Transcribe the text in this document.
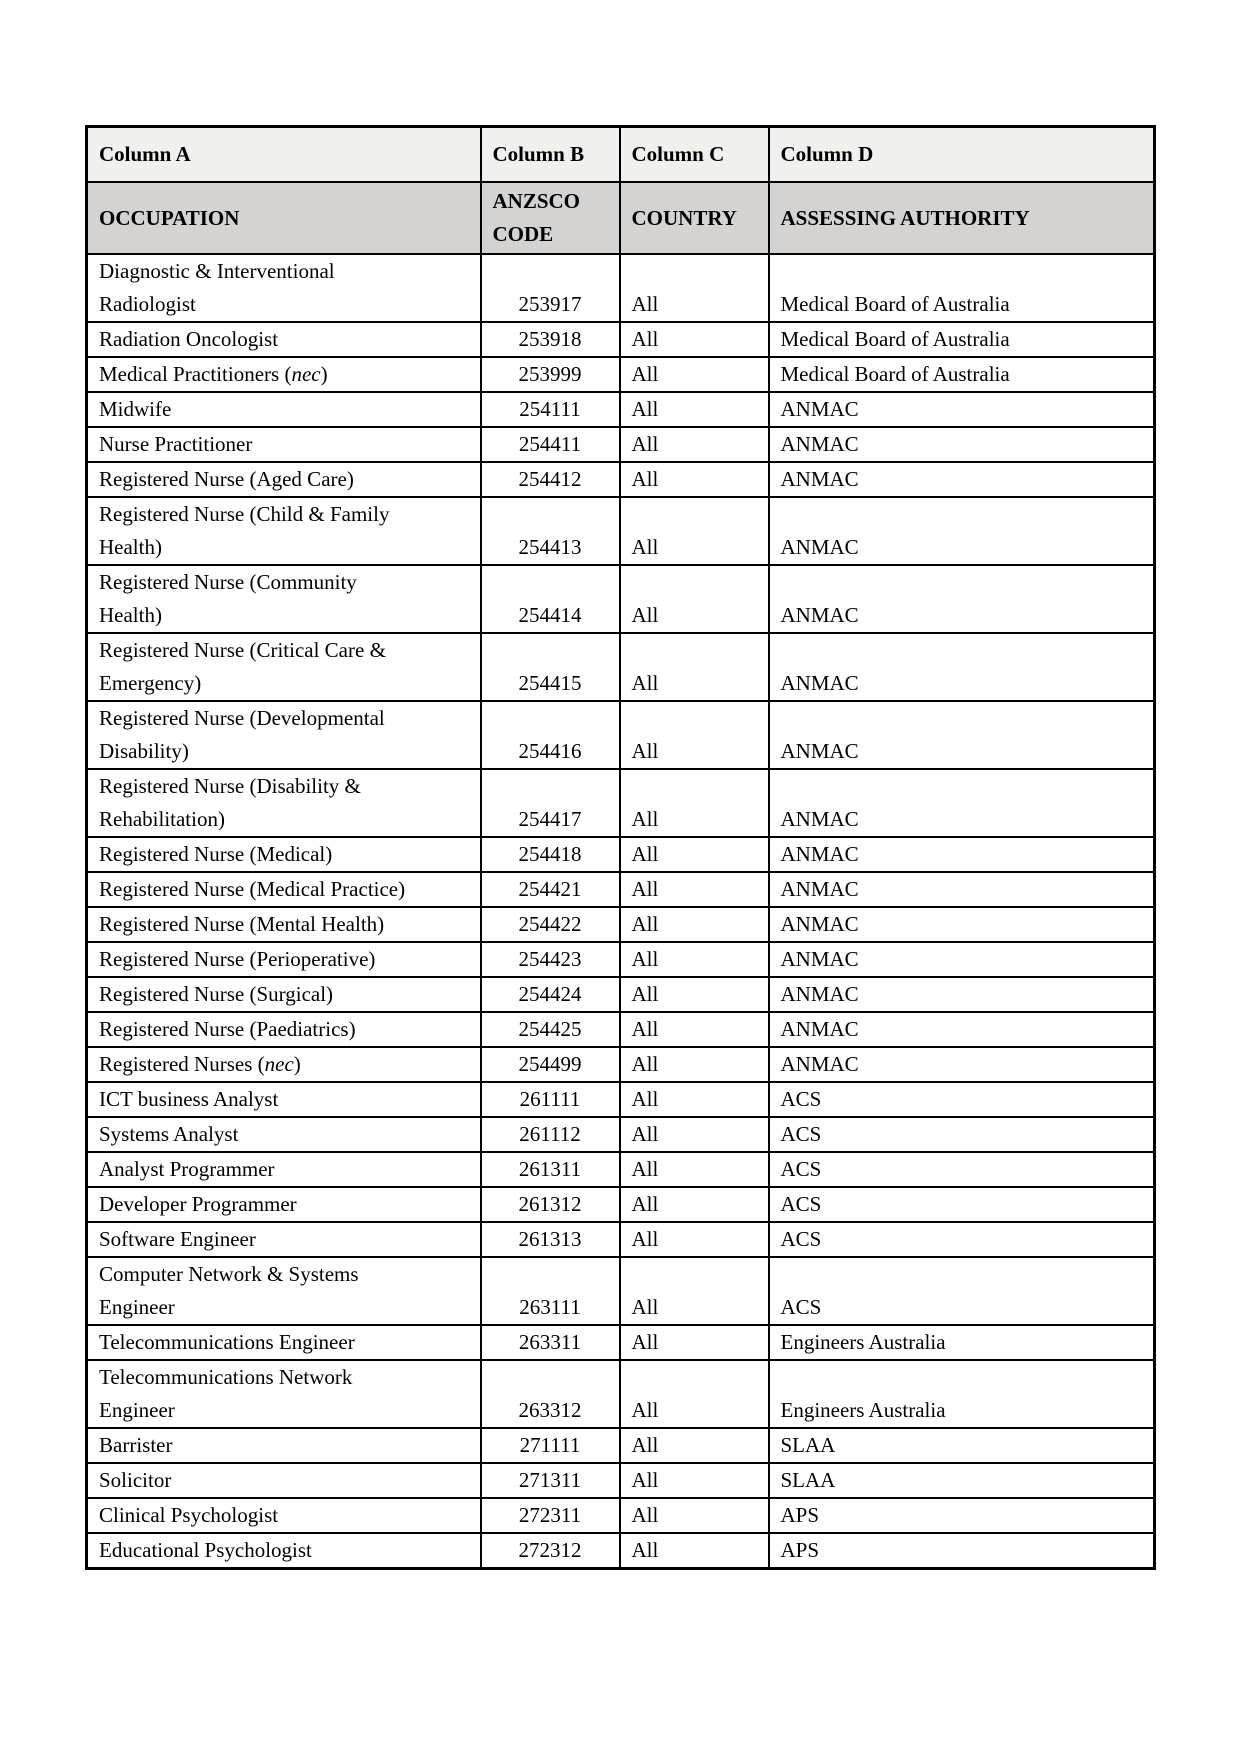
Column A	Column B	Column C	Column D
OCCUPATION	ANZSCO CODE	COUNTRY	ASSESSING AUTHORITY
Diagnostic & Interventional
Radiologist	253917	All	Medical Board of Australia
Radiation Oncologist	253918	All	Medical Board of Australia
Medical Practitioners (nec)	253999	All	Medical Board of Australia
Midwife	254111	All	ANMAC
Nurse Practitioner	254411	All	ANMAC
Registered Nurse (Aged Care)	254412	All	ANMAC
Registered Nurse (Child & Family
Health)	254413	All	ANMAC
Registered Nurse (Community
Health)	254414	All	ANMAC
Registered Nurse (Critical Care &
Emergency)	254415	All	ANMAC
Registered Nurse (Developmental
Disability)	254416	All	ANMAC
Registered Nurse (Disability &
Rehabilitation)	254417	All	ANMAC
Registered Nurse (Medical)	254418	All	ANMAC
Registered Nurse (Medical Practice)	254421	All	ANMAC
Registered Nurse (Mental Health)	254422	All	ANMAC
Registered Nurse (Perioperative)	254423	All	ANMAC
Registered Nurse (Surgical)	254424	All	ANMAC
Registered Nurse (Paediatrics)	254425	All	ANMAC
Registered Nurses (nec)	254499	All	ANMAC
ICT business Analyst	261111	All	ACS
Systems Analyst	261112	All	ACS
Analyst Programmer	261311	All	ACS
Developer Programmer	261312	All	ACS
Software Engineer	261313	All	ACS
Computer Network & Systems
Engineer	263111	All	ACS
Telecommunications Engineer	263311	All	Engineers Australia
Telecommunications Network
Engineer	263312	All	Engineers Australia
Barrister	271111	All	SLAA
Solicitor	271311	All	SLAA
Clinical Psychologist	272311	All	APS
Educational Psychologist	272312	All	APS
